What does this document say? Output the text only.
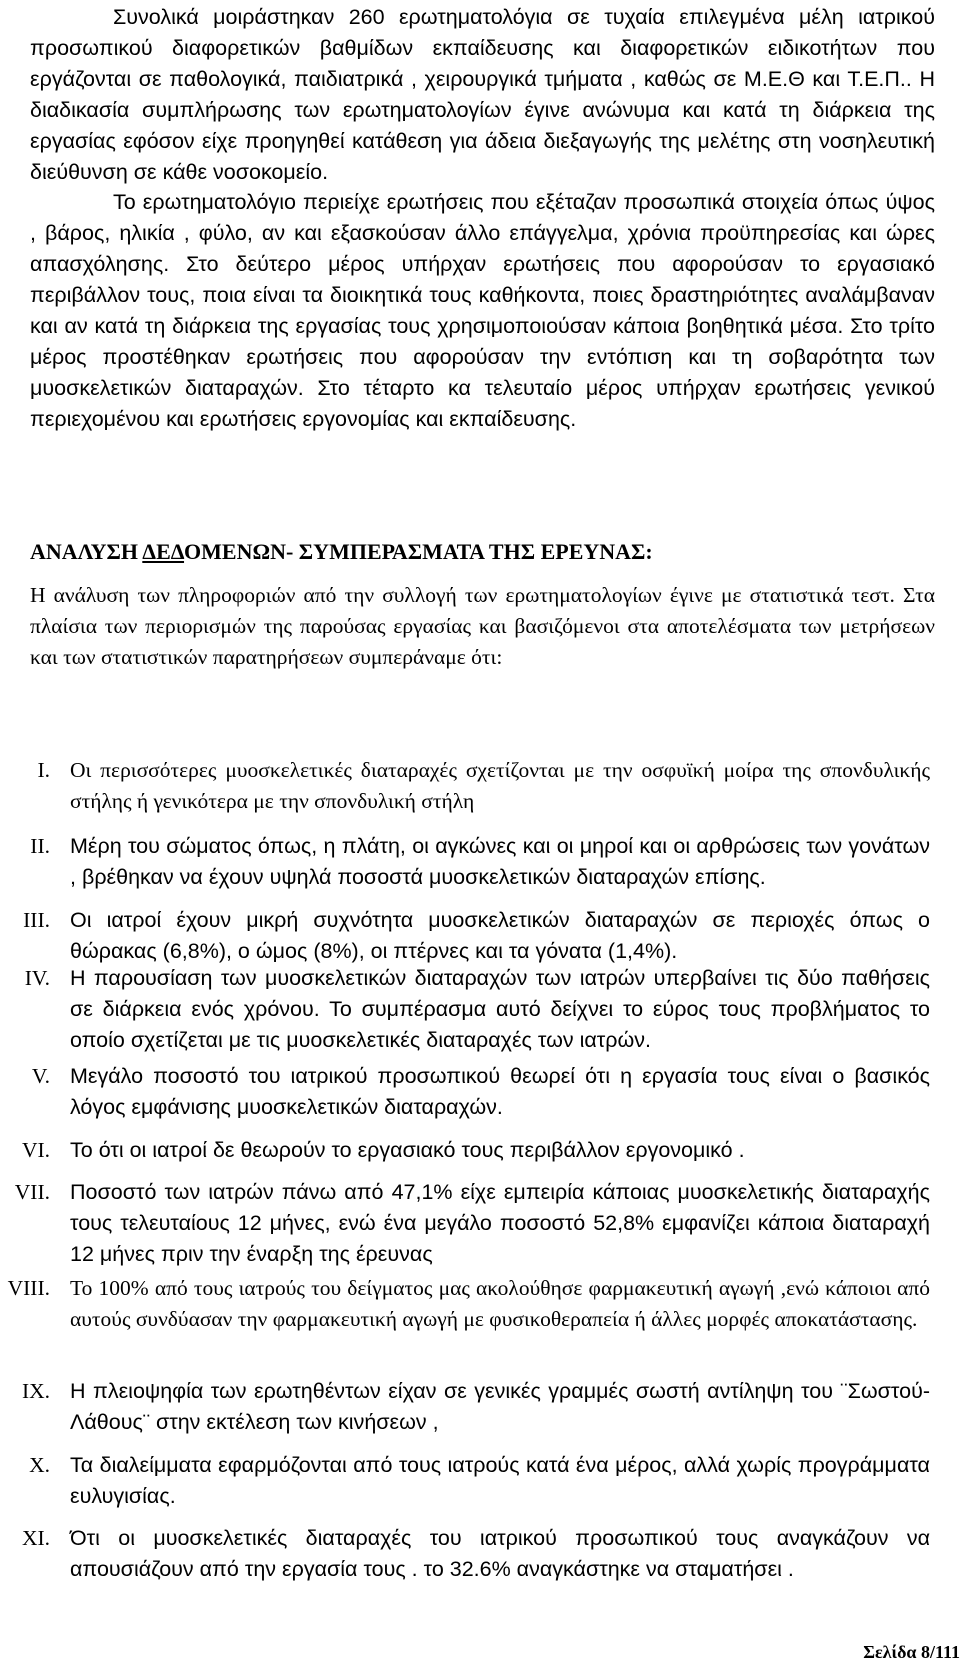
Συνολικά μοιράστηκαν 260 ερωτηματολόγια σε τυχαία επιλεγμένα μέλη ιατρικού προσωπικού διαφορετικών βαθμίδων εκπαίδευσης και διαφορετικών ειδικοτήτων που εργάζονται σε παθολογικά, παιδιατρικά , χειρουργικά τμήματα , καθώς σε Μ.Ε.Θ και Τ.Ε.Π.. Η διαδικασία συμπλήρωσης των ερωτηματολογίων έγινε ανώνυμα και κατά τη διάρκεια της εργασίας εφόσον είχε προηγηθεί κατάθεση για άδεια διεξαγωγής της μελέτης στη νοσηλευτική διεύθυνση σε κάθε νοσοκομείο.

Το ερωτηματολόγιο περιείχε ερωτήσεις που εξέταζαν προσωπικά στοιχεία όπως ύψος , βάρος, ηλικία , φύλο, αν και εξασκούσαν άλλο επάγγελμα, χρόνια προϋπηρεσίας και ώρες απασχόλησης. Στο δεύτερο μέρος υπήρχαν ερωτήσεις που αφορούσαν το εργασιακό περιβάλλον τους, ποια είναι τα διοικητικά τους καθήκοντα, ποιες δραστηριότητες αναλάμβαναν και αν κατά τη διάρκεια της εργασίας τους χρησιμοποιούσαν κάποια βοηθητικά μέσα. Στο τρίτο μέρος προστέθηκαν ερωτήσεις που αφορούσαν την εντόπιση και τη σοβαρότητα των μυοσκελετικών διαταραχών. Στο τέταρτο κα τελευταίο μέρος υπήρχαν ερωτήσεις γενικού περιεχομένου και ερωτήσεις εργονομίας και εκπαίδευσης.

ΑΝΑΛΥΣΗ ΔΕΔΟΜΕΝΩΝ- ΣΥΜΠΕΡΑΣΜΑΤΑ ΤΗΣ ΕΡΕΥΝΑΣ:

Η ανάλυση των πληροφοριών από την συλλογή των ερωτηματολογίων έγινε με στατιστικά τεστ. Στα πλαίσια των περιορισμών της παρούσας εργασίας και βασιζόμενοι στα αποτελέσματα των μετρήσεων και των στατιστικών παρατηρήσεων συμπεράναμε ότι:

I. Οι περισσότερες μυοσκελετικές διαταραχές σχετίζονται με την οσφυϊκή μοίρα της σπονδυλικής στήλης ή γενικότερα με την σπονδυλική στήλη

II. Μέρη του σώματος όπως, η πλάτη, οι αγκώνες και οι μηροί και οι αρθρώσεις των γονάτων , βρέθηκαν να έχουν υψηλά ποσοστά μυοσκελετικών διαταραχών επίσης.

III. Οι ιατροί έχουν μικρή συχνότητα μυοσκελετικών διαταραχών σε περιοχές όπως ο θώρακας (6,8%), ο ώμος (8%), οι πτέρνες και τα γόνατα (1,4%).

IV. Η παρουσίαση των μυοσκελετικών διαταραχών των ιατρών υπερβαίνει τις δύο παθήσεις σε διάρκεια ενός χρόνου. Το συμπέρασμα αυτό δείχνει το εύρος τους προβλήματος το οποίο σχετίζεται με τις μυοσκελετικές διαταραχές των ιατρών.

V. Μεγάλο ποσοστό του ιατρικού προσωπικού θεωρεί ότι η εργασία τους είναι ο βασικός λόγος εμφάνισης μυοσκελετικών διαταραχών.

VI. Το ότι οι ιατροί δε θεωρούν το εργασιακό τους περιβάλλον εργονομικό .

VII. Ποσοστό των ιατρών πάνω από 47,1% είχε εμπειρία κάποιας μυοσκελετικής διαταραχής τους τελευταίους 12 μήνες, ενώ ένα μεγάλο ποσοστό 52,8% εμφανίζει κάποια διαταραχή 12 μήνες πριν την έναρξη της έρευνας

VIII. Το 100% από τους ιατρούς του δείγματος μας ακολούθησε φαρμακευτική αγωγή ,ενώ κάποιοι από αυτούς συνδύασαν την φαρμακευτική αγωγή με φυσικοθεραπεία ή άλλες μορφές αποκατάστασης.

IX. Η πλειοψηφία των ερωτηθέντων είχαν σε γενικές γραμμές σωστή αντίληψη του ¨Σωστού-Λάθους¨ στην εκτέλεση των κινήσεων ,

X. Τα διαλείμματα εφαρμόζονται από τους ιατρούς κατά ένα μέρος, αλλά χωρίς προγράμματα ευλυγισίας.

XI. Ότι οι μυοσκελετικές διαταραχές του ιατρικού προσωπικού τους αναγκάζουν να απουσιάζουν από την εργασία τους . το 32.6% αναγκάστηκε να σταματήσει .

Σελίδα 8/111
